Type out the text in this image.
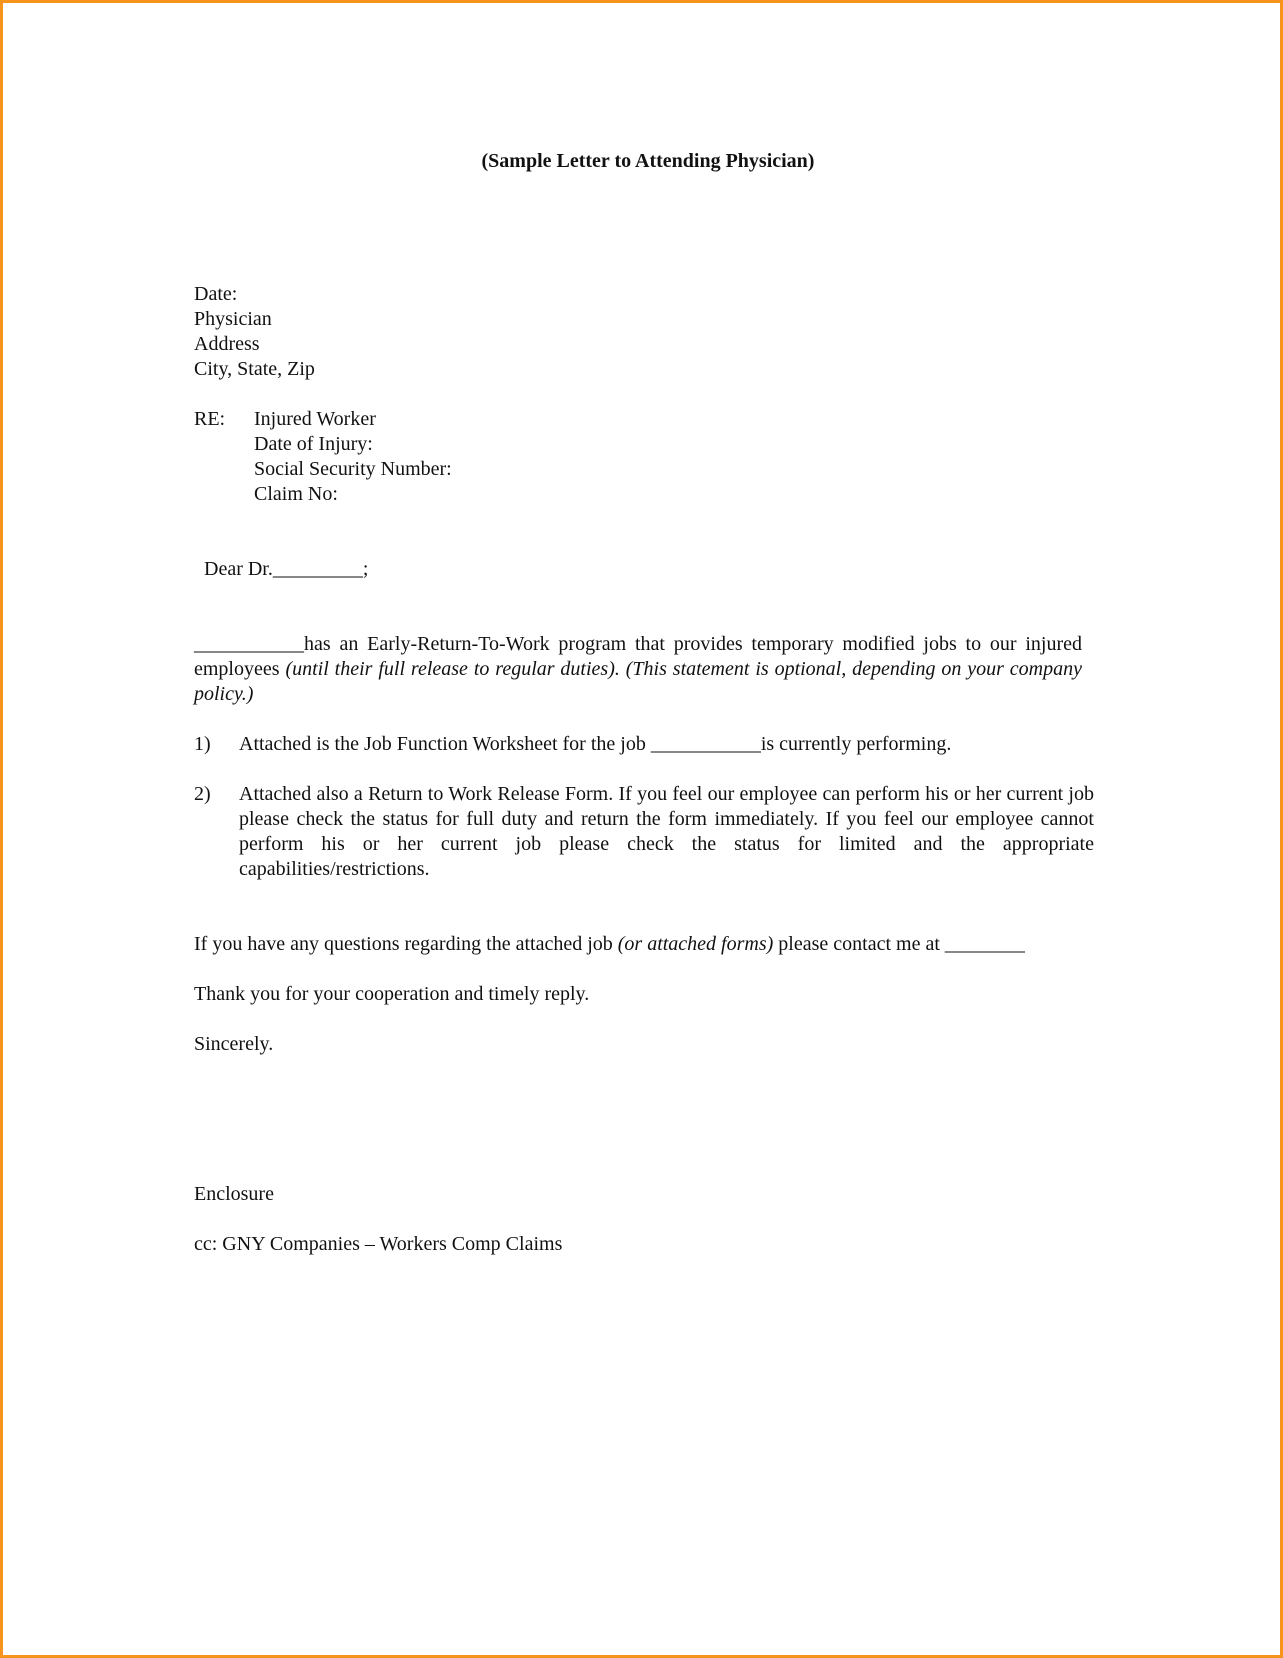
(Sample Letter to Attending Physician)
Date:
Physician
Address
City, State, Zip
RE: Injured Worker
Date of Injury:
Social Security Number:
Claim No:
Dear Dr._________;
___________has an Early-Return-To-Work program that provides temporary modified jobs to our injured employees (until their full release to regular duties). (This statement is optional, depending on your company policy.)
1) Attached is the Job Function Worksheet for the job ___________is currently performing.
2) Attached also a Return to Work Release Form. If you feel our employee can perform his or her current job please check the status for full duty and return the form immediately. If you feel our employee cannot perform his or her current job please check the status for limited and the appropriate capabilities/restrictions.
If you have any questions regarding the attached job (or attached forms) please contact me at ________
Thank you for your cooperation and timely reply.
Sincerely.
Enclosure
cc: GNY Companies – Workers Comp Claims
